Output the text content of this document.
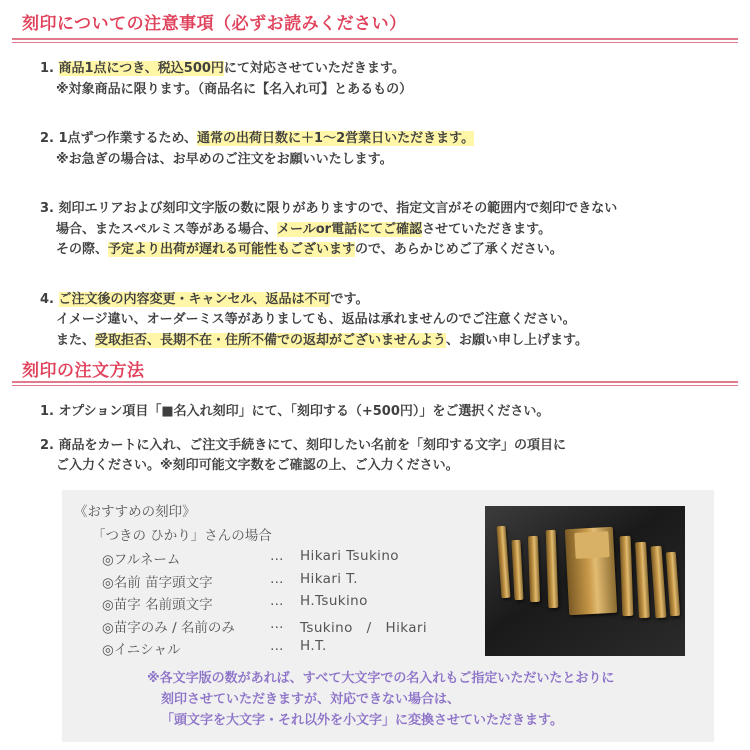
刻印についての注意事項（必ずお読みください）
1. 商品1点につき、税込500円にて対応させていただきます。
※対象商品に限ります。（商品名に【名入れ可】とあるもの）
2. 1点ずつ作業するため、通常の出荷日数に＋1～2営業日いただきます。
※お急ぎの場合は、お早めのご注文をお願いいたします。
3. 刻印エリアおよび刻印文字版の数に限りがありますので、指定文言がその範囲内で刻印できない
場合、またスペルミス等がある場合、メールor電話にてご確認させていただきます。
その際、予定より出荷が遅れる可能性もございますので、あらかじめご了承ください。
4. ご注文後の内容変更・キャンセル、返品は不可です。
イメージ違い、オーダーミス等がありましても、返品は承れませんのでご注意ください。
また、受取拒否、長期不在・住所不備での返却がございませんよう、お願い申し上げます。
刻印の注文方法
1. オプション項目「■名入れ刻印」にて、「刻印する（+500円）」をご選択ください。
2. 商品をカートに入れ、ご注文手続きにて、刻印したい名前を「刻印する文字」の項目に
ご入力ください。※刻印可能文字数をご確認の上、ご入力ください。
《おすすめの刻印》
「つきの ひかり」さんの場合
◎フルネーム	… Hikari Tsukino
◎名前 苗字頭文字	… Hikari T.
◎苗字 名前頭文字	… H.Tsukino
◎苗字のみ / 名前のみ	… Tsukino　/　Hikari
◎イニシャル	… H.T.
※各文字版の数があれば、すべて大文字での名入れもご指定いただいたとおりに
刻印させていただきますが、対応できない場合は、
「頭文字を大文字・それ以外を小文字」に変換させていただきます。
